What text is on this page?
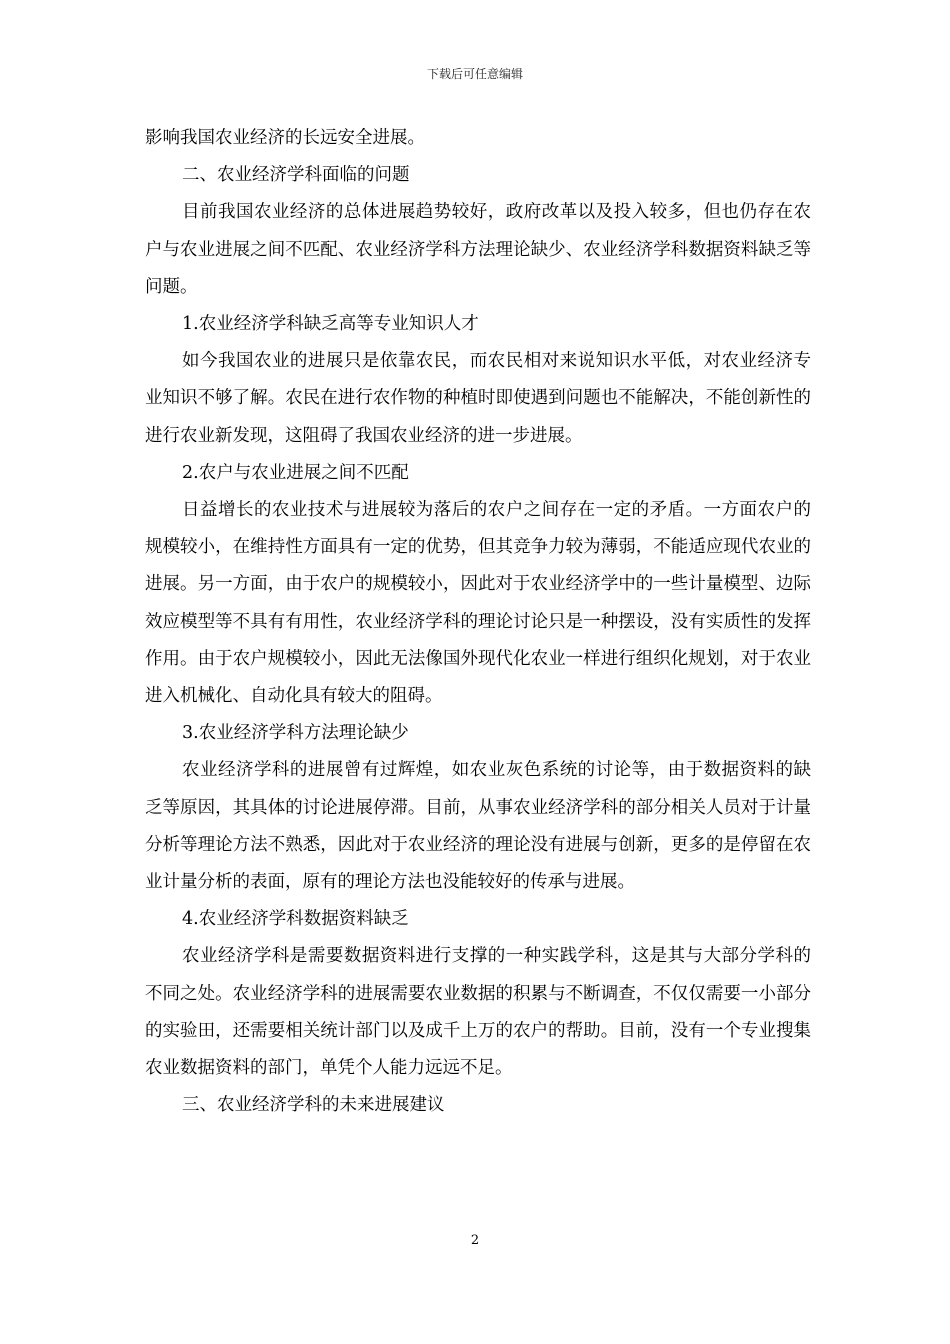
下载后可任意编辑

影响我国农业经济的长远安全进展。

二、农业经济学科面临的问题

目前我国农业经济的总体进展趋势较好，政府改革以及投入较多，但也仍存在农户与农业进展之间不匹配、农业经济学科方法理论缺少、农业经济学科数据资料缺乏等问题。

1.农业经济学科缺乏高等专业知识人才

如今我国农业的进展只是依靠农民，而农民相对来说知识水平低，对农业经济专业知识不够了解。农民在进行农作物的种植时即使遇到问题也不能解决，不能创新性的进行农业新发现，这阻碍了我国农业经济的进一步进展。

2.农户与农业进展之间不匹配

日益增长的农业技术与进展较为落后的农户之间存在一定的矛盾。一方面农户的规模较小，在维持性方面具有一定的优势，但其竞争力较为薄弱，不能适应现代农业的进展。另一方面，由于农户的规模较小，因此对于农业经济学中的一些计量模型、边际效应模型等不具有有用性，农业经济学科的理论讨论只是一种摆设，没有实质性的发挥作用。由于农户规模较小，因此无法像国外现代化农业一样进行组织化规划，对于农业进入机械化、自动化具有较大的阻碍。

3.农业经济学科方法理论缺少

农业经济学科的进展曾有过辉煌，如农业灰色系统的讨论等，由于数据资料的缺乏等原因，其具体的讨论进展停滞。目前，从事农业经济学科的部分相关人员对于计量分析等理论方法不熟悉，因此对于农业经济的理论没有进展与创新，更多的是停留在农业计量分析的表面，原有的理论方法也没能较好的传承与进展。

4.农业经济学科数据资料缺乏

农业经济学科是需要数据资料进行支撑的一种实践学科，这是其与大部分学科的不同之处。农业经济学科的进展需要农业数据的积累与不断调查，不仅仅需要一小部分的实验田，还需要相关统计部门以及成千上万的农户的帮助。目前，没有一个专业搜集农业数据资料的部门，单凭个人能力远远不足。

三、农业经济学科的未来进展建议

2
